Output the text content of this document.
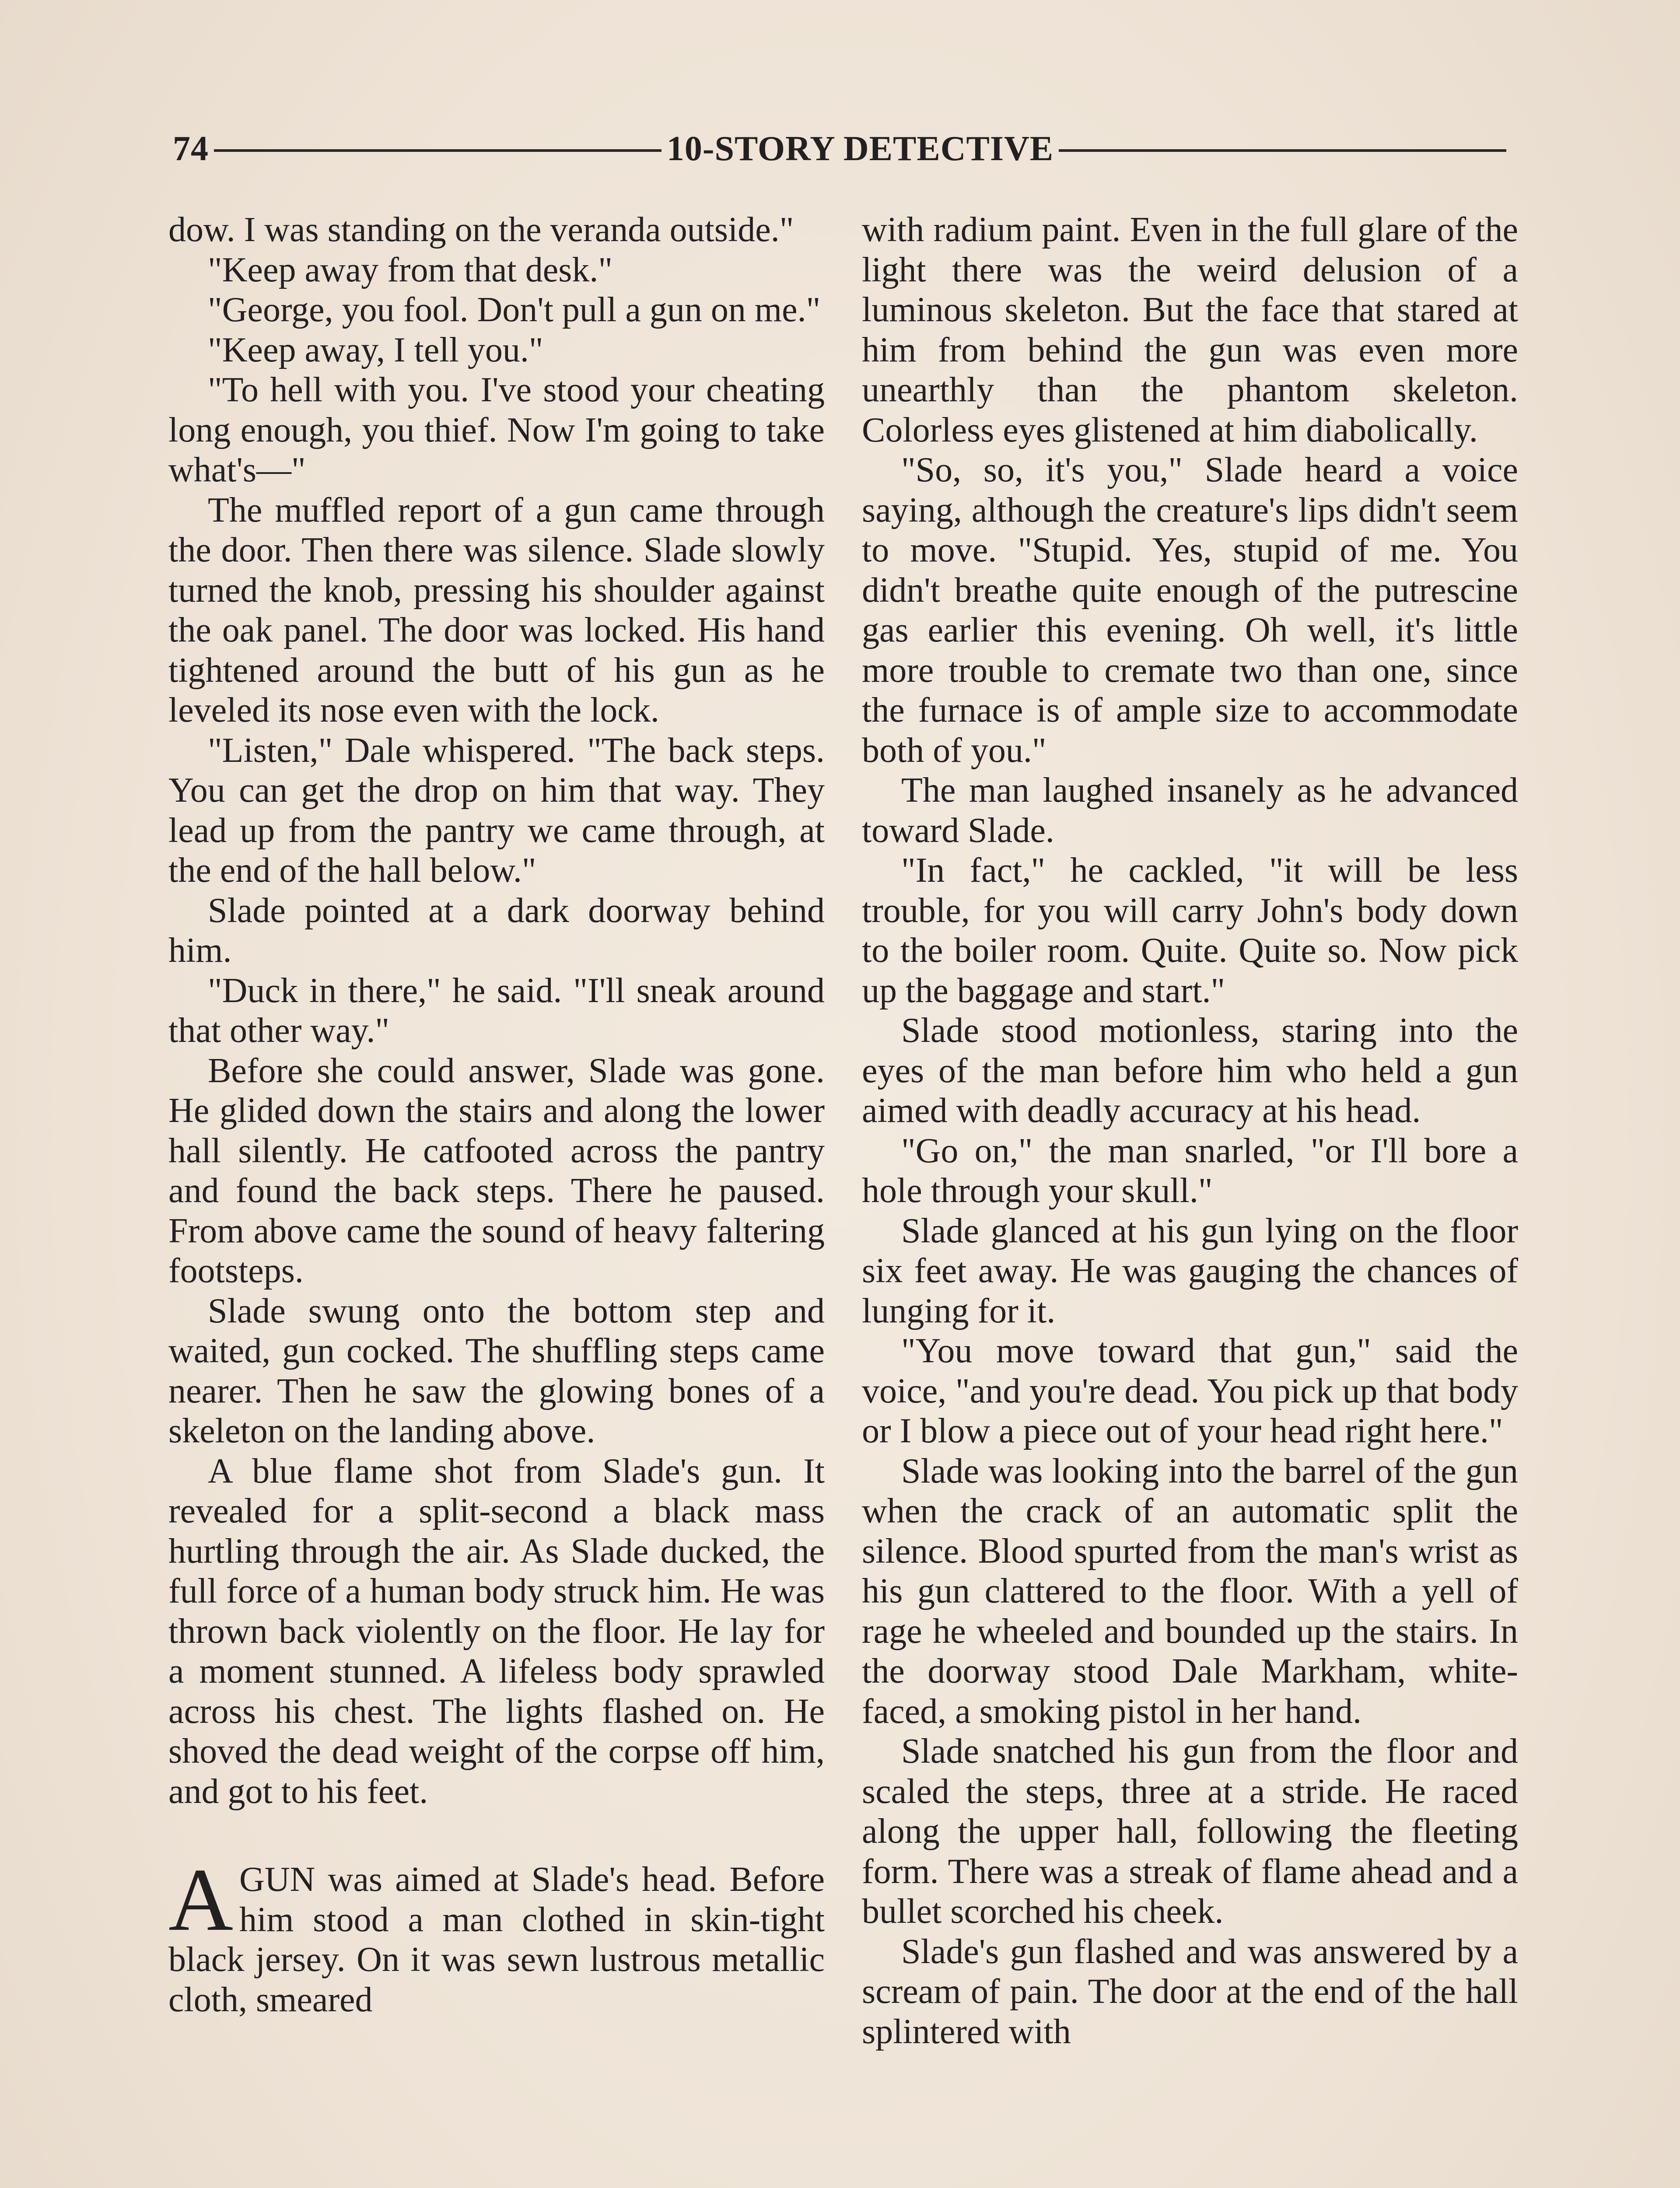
74	10-STORY DETECTIVE

dow. I was standing on the veranda outside."

"Keep away from that desk."

"George, you fool. Don't pull a gun on me."

"Keep away, I tell you."

"To hell with you. I've stood your cheating long enough, you thief. Now I'm going to take what's—"

The muffled report of a gun came through the door. Then there was silence. Slade slowly turned the knob, pressing his shoulder against the oak panel. The door was locked. His hand tightened around the butt of his gun as he leveled its nose even with the lock.

"Listen," Dale whispered. "The back steps. You can get the drop on him that way. They lead up from the pantry we came through, at the end of the hall below."

Slade pointed at a dark doorway behind him.

"Duck in there," he said. "I'll sneak around that other way."

Before she could answer, Slade was gone. He glided down the stairs and along the lower hall silently. He catfooted across the pantry and found the back steps. There he paused. From above came the sound of heavy faltering footsteps.

Slade swung onto the bottom step and waited, gun cocked. The shuffling steps came nearer. Then he saw the glowing bones of a skeleton on the landing above.

A blue flame shot from Slade's gun. It revealed for a split-second a black mass hurtling through the air. As Slade ducked, the full force of a human body struck him. He was thrown back violently on the floor. He lay for a moment stunned. A lifeless body sprawled across his chest. The lights flashed on. He shoved the dead weight of the corpse off him, and got to his feet.

AGUN was aimed at Slade's head. Before him stood a man clothed in skin-tight black jersey. On it was sewn lustrous metallic cloth, smeared

with radium paint. Even in the full glare of the light there was the weird delusion of a luminous skeleton. But the face that stared at him from behind the gun was even more unearthly than the phantom skeleton. Colorless eyes glistened at him diabolically.

"So, so, it's you," Slade heard a voice saying, although the creature's lips didn't seem to move. "Stupid. Yes, stupid of me. You didn't breathe quite enough of the putrescine gas earlier this evening. Oh well, it's little more trouble to cremate two than one, since the furnace is of ample size to accommodate both of you."

The man laughed insanely as he advanced toward Slade.

"In fact," he cackled, "it will be less trouble, for you will carry John's body down to the boiler room. Quite. Quite so. Now pick up the baggage and start."

Slade stood motionless, staring into the eyes of the man before him who held a gun aimed with deadly accuracy at his head.

"Go on," the man snarled, "or I'll bore a hole through your skull."

Slade glanced at his gun lying on the floor six feet away. He was gauging the chances of lunging for it.

"You move toward that gun," said the voice, "and you're dead. You pick up that body or I blow a piece out of your head right here."

Slade was looking into the barrel of the gun when the crack of an automatic split the silence. Blood spurted from the man's wrist as his gun clattered to the floor. With a yell of rage he wheeled and bounded up the stairs. In the doorway stood Dale Markham, white-faced, a smoking pistol in her hand.

Slade snatched his gun from the floor and scaled the steps, three at a stride. He raced along the upper hall, following the fleeting form. There was a streak of flame ahead and a bullet scorched his cheek.

Slade's gun flashed and was answered by a scream of pain. The door at the end of the hall splintered with
